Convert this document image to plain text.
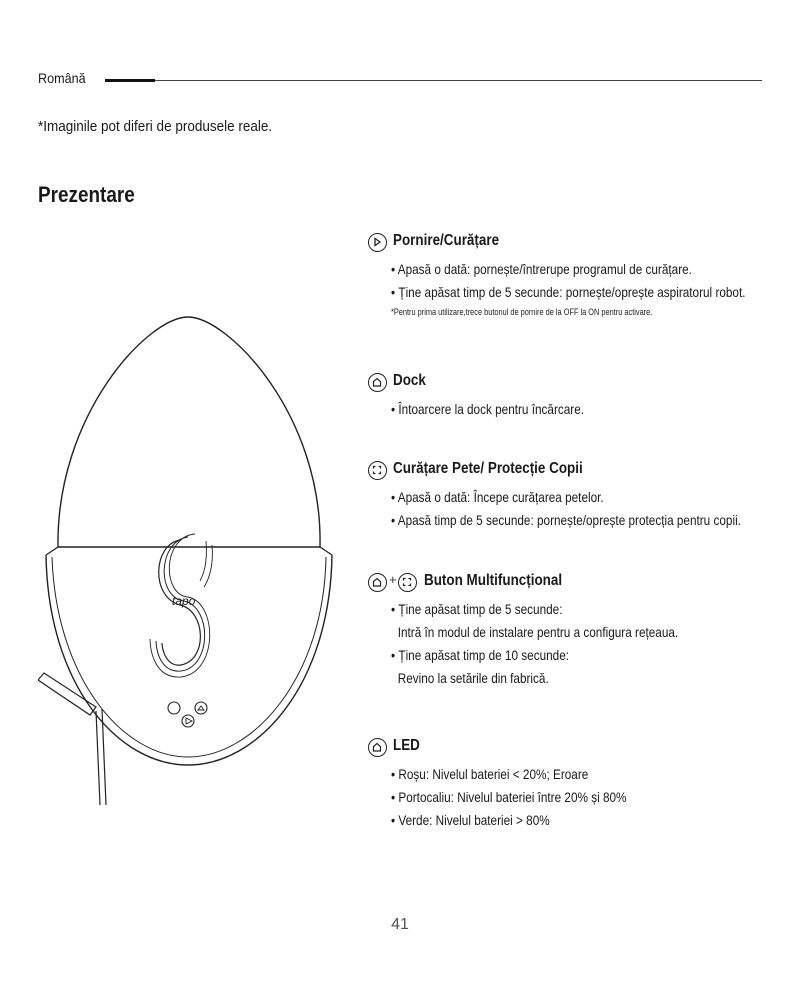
Română
*Imaginile pot diferi de produsele reale.
Prezentare
tapo
Pornire/Curățare
• Apasă o dată: pornește/întrerupe programul de curățare.
• Ține apăsat timp de 5 secunde: pornește/oprește aspiratorul robot.
*Pentru prima utilizare,trece butonul de pornire de la OFF la ON pentru activare.
Dock
• Întoarcere la dock pentru încărcare.
Curățare Pete/ Protecție Copii
• Apasă o dată: Începe curățarea petelor.
• Apasă timp de 5 secunde: pornește/oprește protecția pentru copii.
+ Buton Multifuncțional
• Ține apăsat timp de 5 secunde:
Intră în modul de instalare pentru a configura rețeaua.
• Ține apăsat timp de 10 secunde:
Revino la setările din fabrică.
LED
• Roșu: Nivelul bateriei < 20%; Eroare
• Portocaliu: Nivelul bateriei între 20% și 80%
• Verde: Nivelul bateriei > 80%
41
